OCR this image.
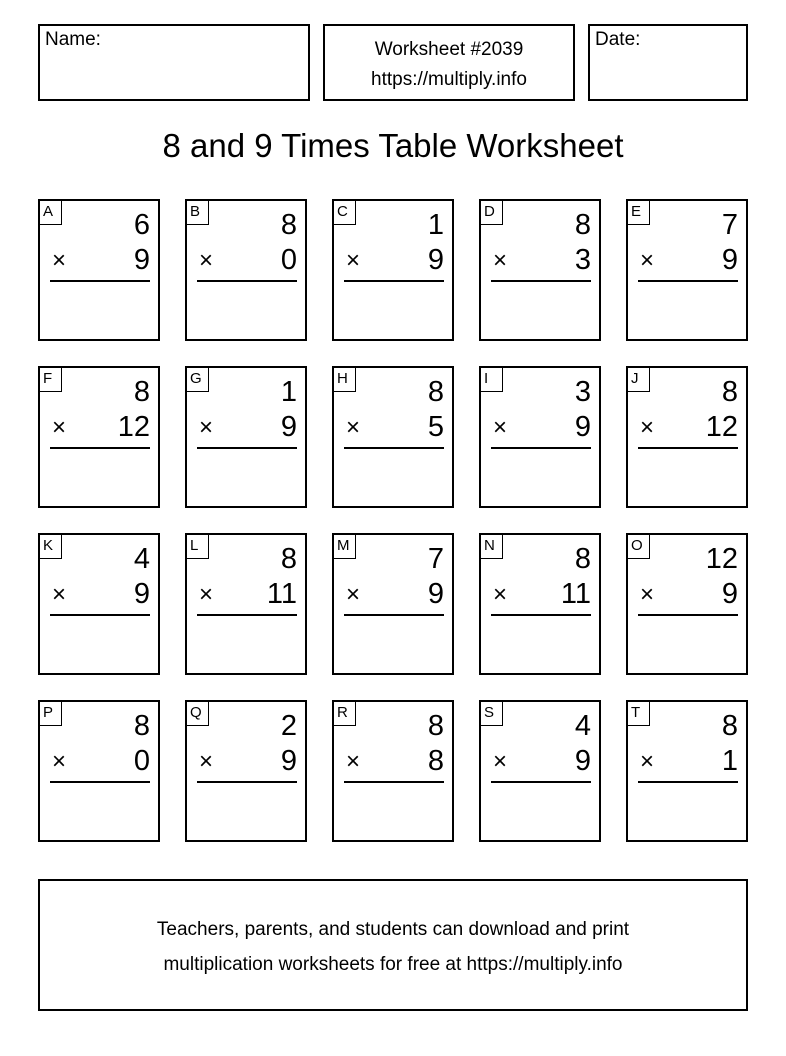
Name:	Worksheet #2039
https://multiply.info
Date:
8 and 9 Times Table Worksheet
A	6
× 9
B	8
× 0
C	1
× 9
D	8
× 3
E	7
× 9
F	8
× 12
G	1
× 9
H	8
× 5
I	3
× 9
J	8
× 12
K	4
× 9
L	8
× 11
M	7
× 9
N	8
× 11
O 12
× 9
P	8
× 0
Q	2
× 9
R	8
× 8
S	4
× 9
T	8
× 1
Teachers, parents, and students can download and print
multiplication worksheets for free at https://multiply.info
